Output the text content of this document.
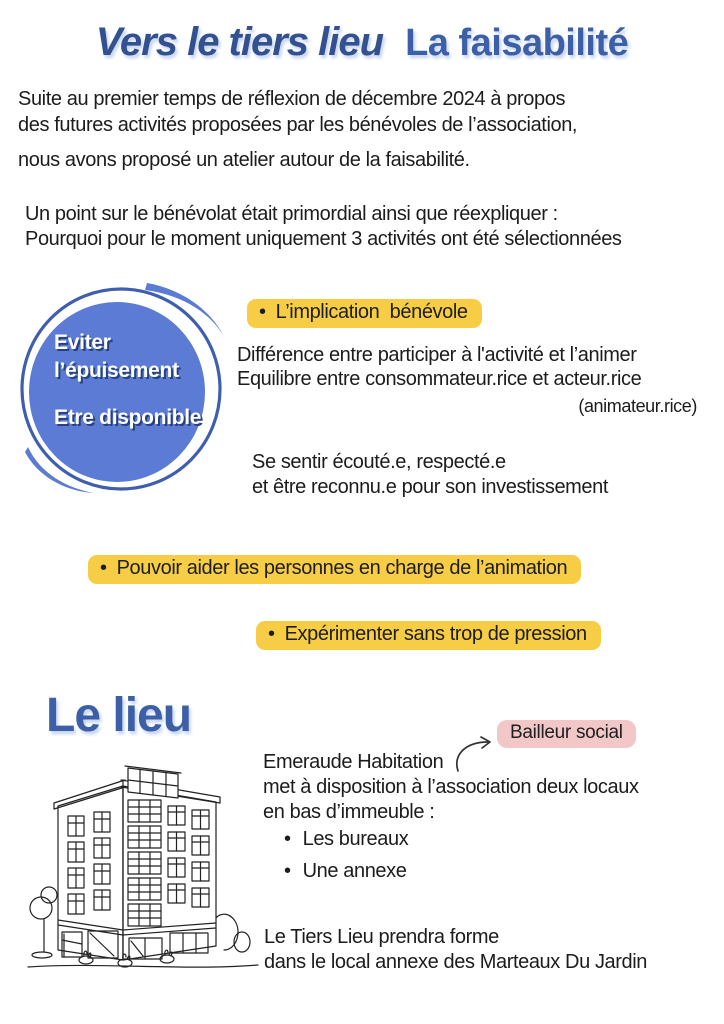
Vers le tiers lieu La faisabilité
Suite au premier temps de réflexion de décembre 2024 à propos
des futures activités proposées par les bénévoles de l’association,
nous avons proposé un atelier autour de la faisabilité.
Un point sur le bénévolat était primordial ainsi que réexpliquer :
Pourquoi pour le moment uniquement 3 activités ont été sélectionnées
Eviter
l’épuisement
Etre disponible
• L’implication  bénévole
Différence entre participer à l'activité et l’animer
Equilibre entre consommateur.rice et acteur.rice
(animateur.rice)
Se sentir écouté.e, respecté.e
et être reconnu.e pour son investissement
• Pouvoir aider les personnes en charge de l’animation
• Expérimenter sans trop de pression
Le lieu	Bailleur social
Emeraude Habitation
met à disposition à l’association deux locaux
en bas d’immeuble :
• Les bureaux
• Une annexe
Le Tiers Lieu prendra forme
dans le local annexe des Marteaux Du Jardin
